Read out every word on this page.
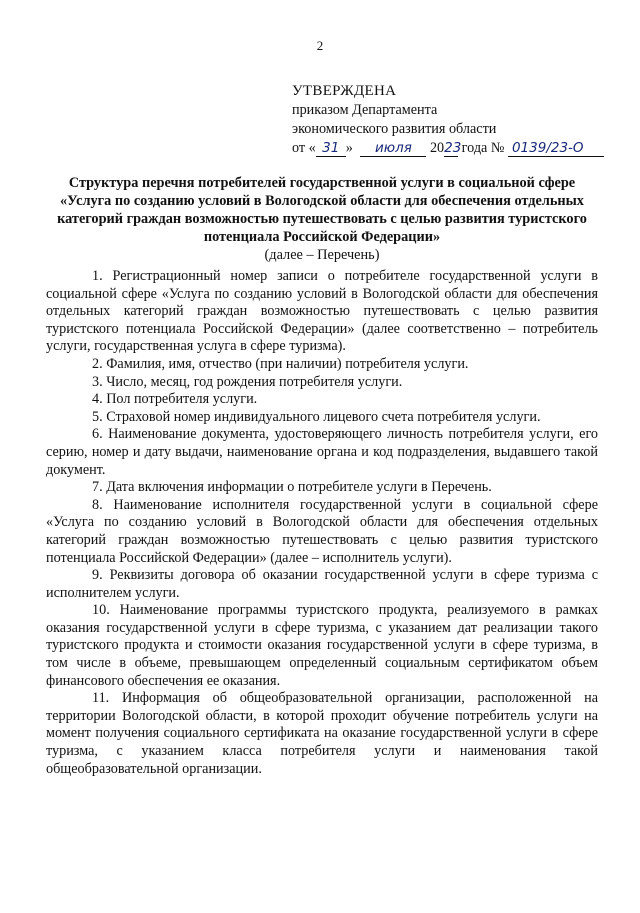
2
УТВЕРЖДЕНА
приказом Департамента
экономического развития области
от « 31 » июля 2023 года № 0139/23-О
Структура перечня потребителей государственной услуги в социальной сфере «Услуга по созданию условий в Вологодской области для обеспечения отдельных категорий граждан возможностью путешествовать с целью развития туристского потенциала Российской Федерации»
(далее – Перечень)

1. Регистрационный номер записи о потребителе государственной услуги в социальной сфере «Услуга по созданию условий в Вологодской области для обеспечения отдельных категорий граждан возможностью путешествовать с целью развития туристского потенциала Российской Федерации» (далее соответственно – потребитель услуги, государственная услуга в сфере туризма).

2. Фамилия, имя, отчество (при наличии) потребителя услуги.

3. Число, месяц, год рождения потребителя услуги.

4. Пол потребителя услуги.

5. Страховой номер индивидуального лицевого счета потребителя услуги.

6. Наименование документа, удостоверяющего личность потребителя услуги, его серию, номер и дату выдачи, наименование органа и код подразделения, выдавшего такой документ.

7. Дата включения информации о потребителе услуги в Перечень.

8. Наименование исполнителя государственной услуги в социальной сфере «Услуга по созданию условий в Вологодской области для обеспечения отдельных категорий граждан возможностью путешествовать с целью развития туристского потенциала Российской Федерации» (далее – исполнитель услуги).

9. Реквизиты договора об оказании государственной услуги в сфере туризма с исполнителем услуги.

10. Наименование программы туристского продукта, реализуемого в рамках оказания государственной услуги в сфере туризма, с указанием дат реализации такого туристского продукта и стоимости оказания государственной услуги в сфере туризма, в том числе в объеме, превышающем определенный социальным сертификатом объем финансового обеспечения ее оказания.

11. Информация об общеобразовательной организации, расположенной на территории Вологодской области, в которой проходит обучение потребитель услуги на момент получения социального сертификата на оказание государственной услуги в сфере туризма, с указанием класса потребителя услуги и наименования такой общеобразовательной организации.
